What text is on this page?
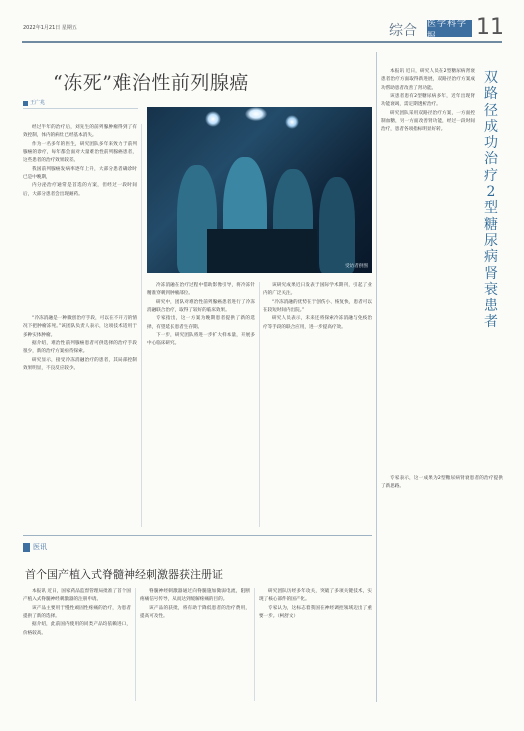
2022年1月21日 星期五	综合 医学科学报	11
“冻死”难治性前列腺癌
王广兆

经过半年的治疗后，刘先生的前列腺肿瘤得到了有效控制，体内的病灶已经基本消失。

作为一名多年的医生，研究团队多年来致力于前列腺癌的诊疗，每年都会面对大量难治性前列腺癌患者，这些患者的治疗效果较差。

我国前列腺癌发病率逐年上升，大部分患者确诊时已是中晚期，

内分泌治疗通常是首选的方案，但经过一段时间后，大部分患者会出现耐药。

受访者供图

“冷冻消融是一种微创治疗手段，可以在不开刀的情况下把肿瘤冻死。”该团队负责人表示，这项技术适用于多种实体肿瘤。

据介绍，难治性前列腺癌患者可供选择的治疗手段很少，新的治疗方案亟待探索。

研究显示，接受冷冻消融治疗的患者，其局部控制效果明显，不良反应较少。

冷冻消融在治疗过程中借助影像引导，将冷冻针精准穿刺到肿瘤部位。

研究中，团队对难治性前列腺癌患者进行了冷冻消融联合治疗，取得了较好的临床效果。

专家指出，这一方案为晚期患者提供了新的选择，有望延长患者生存期。

下一步，研究团队将进一步扩大样本量，开展多中心临床研究。

该研究成果近日发表于国际学术期刊，引起了业内的广泛关注。

“冷冻消融的优势在于创伤小、恢复快，患者可以在较短时间内出院。”

研究人员表示，未来还将探索冷冻消融与免疫治疗等手段的联合应用，进一步提高疗效。

双路径成功治疗2型糖尿病肾衰患者

本报讯 近日，研究人员在2型糖尿病肾衰患者治疗方面取得新进展，双路径治疗方案成功帮助患者改善了肾功能。

该患者患有2型糖尿病多年，近年出现肾功能衰竭，需定期透析治疗。

研究团队采用双路径治疗方案，一方面控制血糖，另一方面改善肾功能，经过一段时间治疗，患者各项指标明显好转。

专家表示，这一成果为2型糖尿病肾衰患者的治疗提供了新思路。

医讯
首个国产植入式脊髓神经刺激器获注册证

本报讯 近日，国家药品监督管理局批准了首个国产植入式脊髓神经刺激器的注册申请。

该产品主要用于慢性顽固性疼痛的治疗，为患者提供了新的选择。

据介绍，此前国内使用的同类产品均依赖进口，价格较高。

脊髓神经刺激器通过向脊髓施加微弱电流，阻断疼痛信号传导，从而达到缓解疼痛的目的。

该产品的获批，将有助于降低患者的治疗费用，提高可及性。

研究团队历经多年攻关，突破了多项关键技术，实现了核心部件的国产化。

专家认为，这标志着我国在神经调控领域迈出了重要一步。（柯舒文）
